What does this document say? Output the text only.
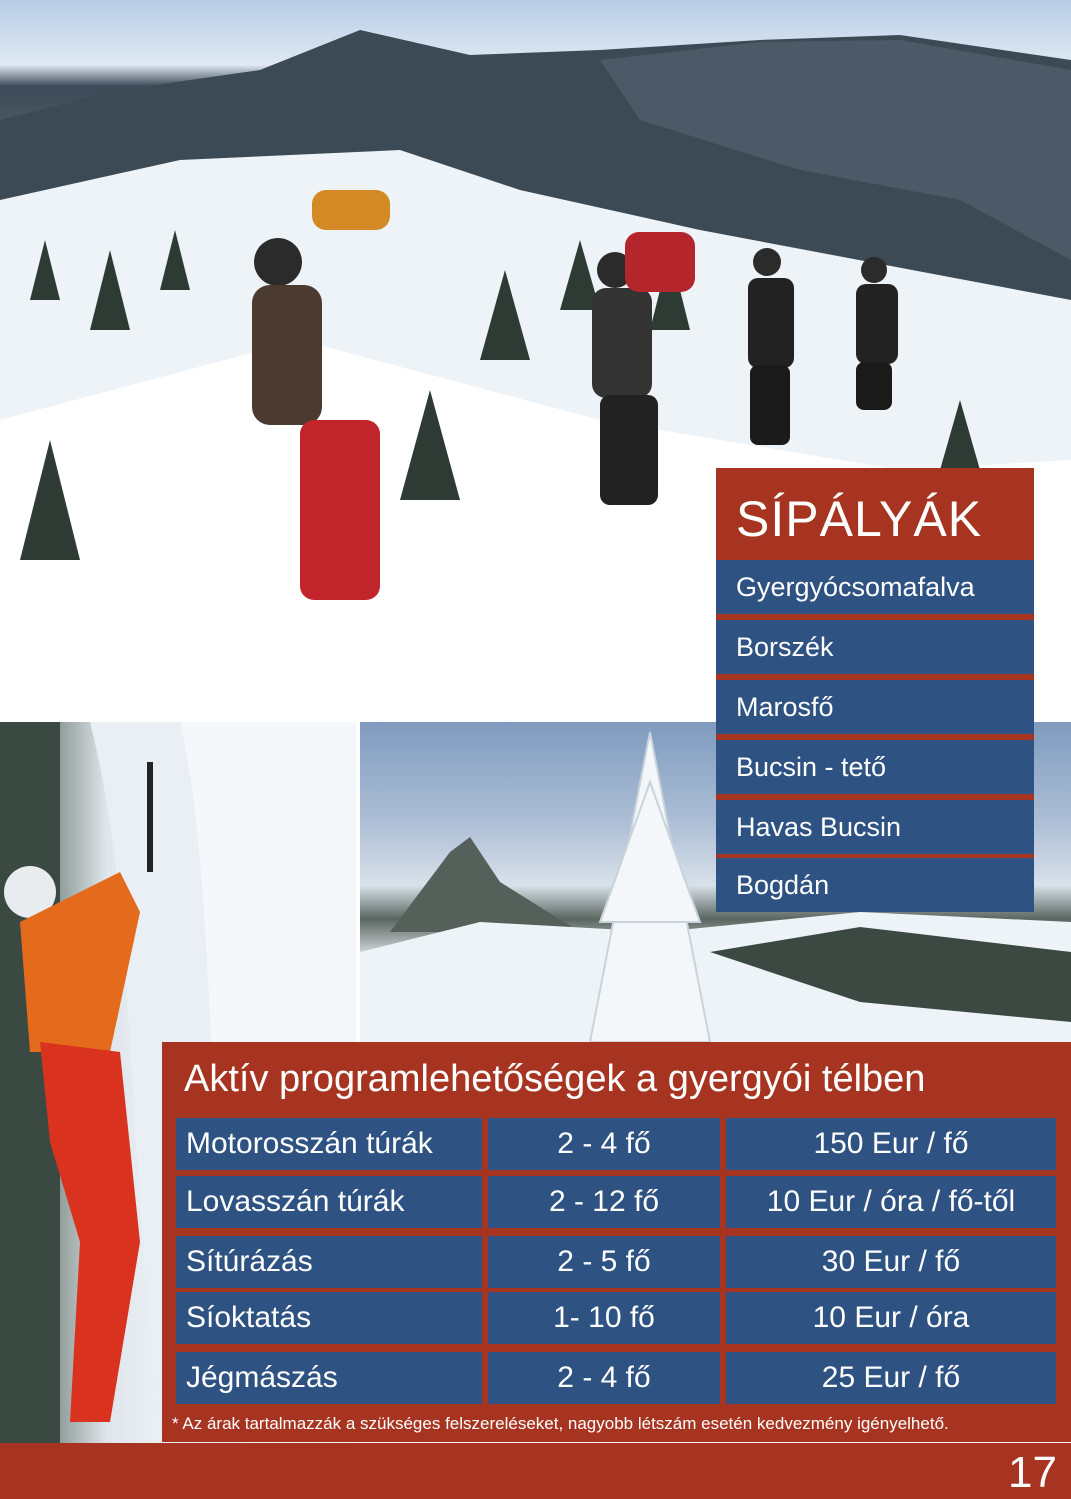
SÍPÁLYÁK
Gyergyócsomafalva
Borszék
Marosfő
Bucsin - tető
Havas Bucsin
Bogdán
Aktív programlehetőségek a gyergyói télben
Motorosszán túrák	2 - 4 fő	150 Eur / fő
Lovasszán túrák	2 - 12 fő	10 Eur / óra / fő-től
Sítúrázás	2 - 5 fő	30 Eur / fő
Síoktatás	1- 10 fő	10 Eur / óra
Jégmászás	2 - 4 fő	25 Eur / fő
* Az árak tartalmazzák a szükséges felszereléseket, nagyobb létszám esetén kedvezmény igényelhető.
17
